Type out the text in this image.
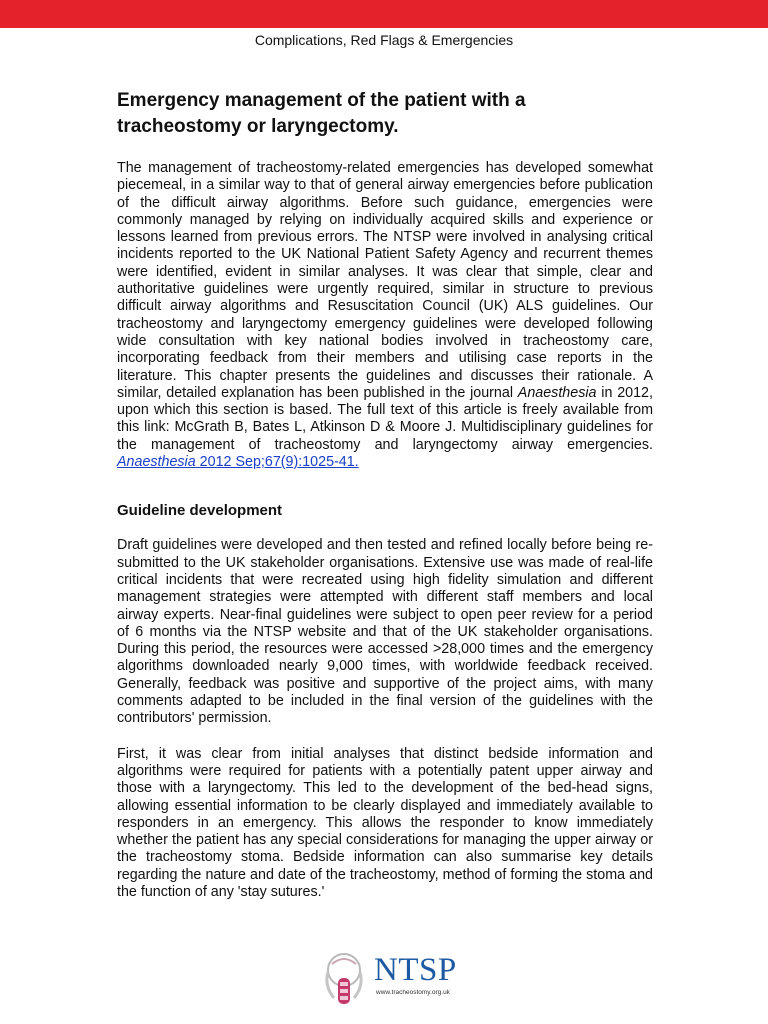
Complications, Red Flags & Emergencies
Emergency management of the patient with a tracheostomy or laryngectomy.

The management of tracheostomy-related emergencies has developed somewhat piecemeal, in a similar way to that of general airway emergencies before publication of the difficult airway algorithms. Before such guidance, emergencies were commonly managed by relying on individually acquired skills and experience or lessons learned from previous errors. The NTSP were involved in analysing critical incidents reported to the UK National Patient Safety Agency and recurrent themes were identified, evident in similar analyses. It was clear that simple, clear and authoritative guidelines were urgently required, similar in structure to previous difficult airway algorithms and Resuscitation Council (UK) ALS guidelines. Our tracheostomy and laryngectomy emergency guidelines were developed following wide consultation with key national bodies involved in tracheostomy care, incorporating feedback from their members and utilising case reports in the literature. This chapter presents the guidelines and discusses their rationale. A similar, detailed explanation has been published in the journal Anaesthesia in 2012, upon which this section is based. The full text of this article is freely available from this link: McGrath B, Bates L, Atkinson D & Moore J. Multidisciplinary guidelines for the management of tracheostomy and laryngectomy airway emergencies. Anaesthesia 2012 Sep;67(9):1025-41.

Guideline development

Draft guidelines were developed and then tested and refined locally before being re-submitted to the UK stakeholder organisations. Extensive use was made of real-life critical incidents that were recreated using high fidelity simulation and different management strategies were attempted with different staff members and local airway experts. Near-final guidelines were subject to open peer review for a period of 6 months via the NTSP website and that of the UK stakeholder organisations. During this period, the resources were accessed >28,000 times and the emergency algorithms downloaded nearly 9,000 times, with worldwide feedback received. Generally, feedback was positive and supportive of the project aims, with many comments adapted to be included in the final version of the guidelines with the contributors' permission.

First, it was clear from initial analyses that distinct bedside information and algorithms were required for patients with a potentially patent upper airway and those with a laryngectomy. This led to the development of the bed-head signs, allowing essential information to be clearly displayed and immediately available to responders in an emergency. This allows the responder to know immediately whether the patient has any special considerations for managing the upper airway or the tracheostomy stoma. Bedside information can also summarise key details regarding the nature and date of the tracheostomy, method of forming the stoma and the function of any 'stay sutures.'

NTSP
www.tracheostomy.org.uk
